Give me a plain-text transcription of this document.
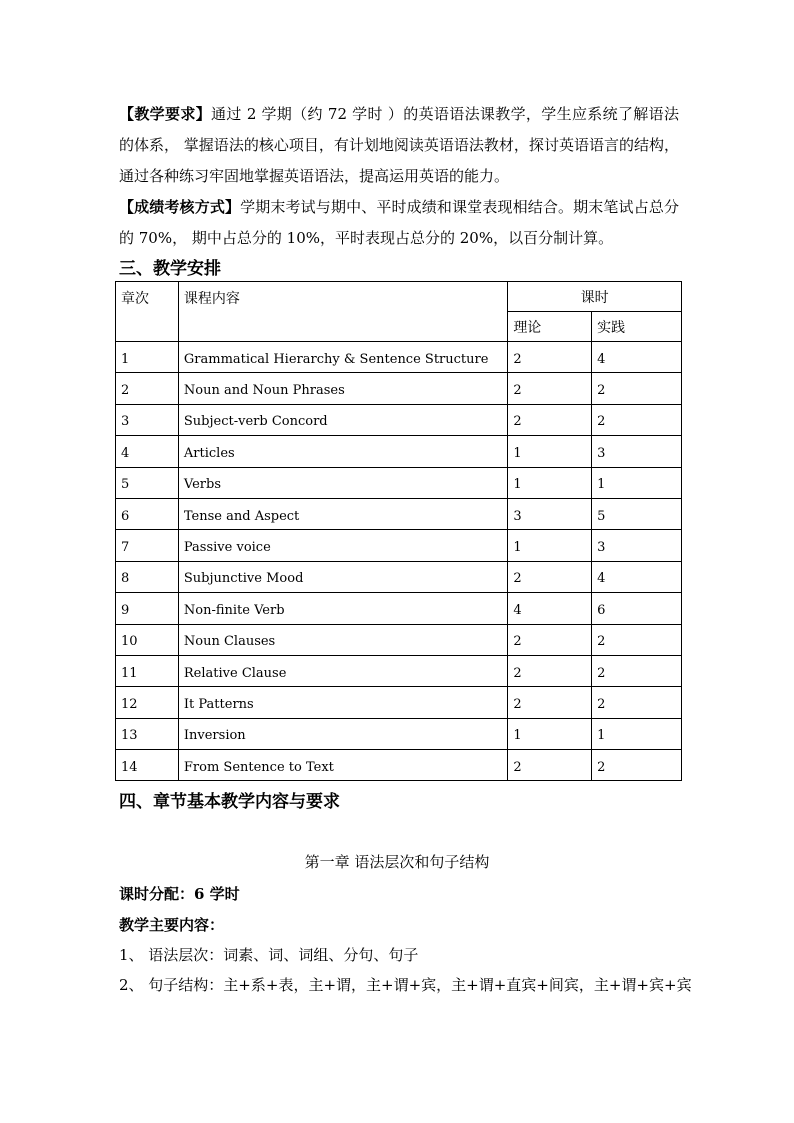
【教学要求】通过 2 学期（约 72 学时 ）的英语语法课教学，学生应系统了解语法的体系， 掌握语法的核心项目，有计划地阅读英语语法教材，探讨英语语言的结构，通过各种练习牢固地掌握英语语法，提高运用英语的能力。

【成绩考核方式】学期末考试与期中、平时成绩和课堂表现相结合。期末笔试占总分的 70%， 期中占总分的 10%，平时表现占总分的 20%，以百分制计算。

三、教学安排
章次	课程内容	课时	
		理论	实践
1	Grammatical Hierarchy & Sentence Structure	2	4
2	Noun and Noun Phrases	2	2
3	Subject-verb Concord	2	2
4	Articles	1	3
5	Verbs	1	1
6	Tense and Aspect	3	5
7	Passive voice	1	3
8	Subjunctive Mood	2	4
9	Non-finite Verb	4	6
10	Noun Clauses	2	2
11	Relative Clause	2	2
12	It Patterns	2	2
13	Inversion	1	1
14	From Sentence to Text	2	2
四、章节基本教学内容与要求

第一章 语法层次和句子结构

课时分配：6 学时

教学主要内容：

1、 语法层次：词素、词、词组、分句、句子

2、 句子结构：主+系+表，主+谓，主+谓+宾，主+谓+直宾+间宾，主+谓+宾+宾
